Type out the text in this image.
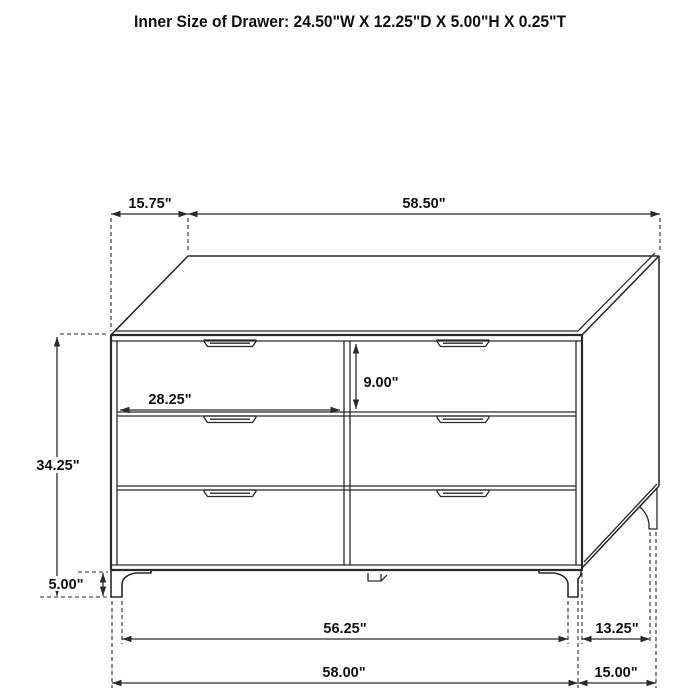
Inner Size of Drawer: 24.50"W X 12.25"D X 5.00"H X 0.25"T
15.75"	58.50"
34.25"
5.00"
28.25"
9.00"
56.25"	13.25"
58.00"	15.00"
